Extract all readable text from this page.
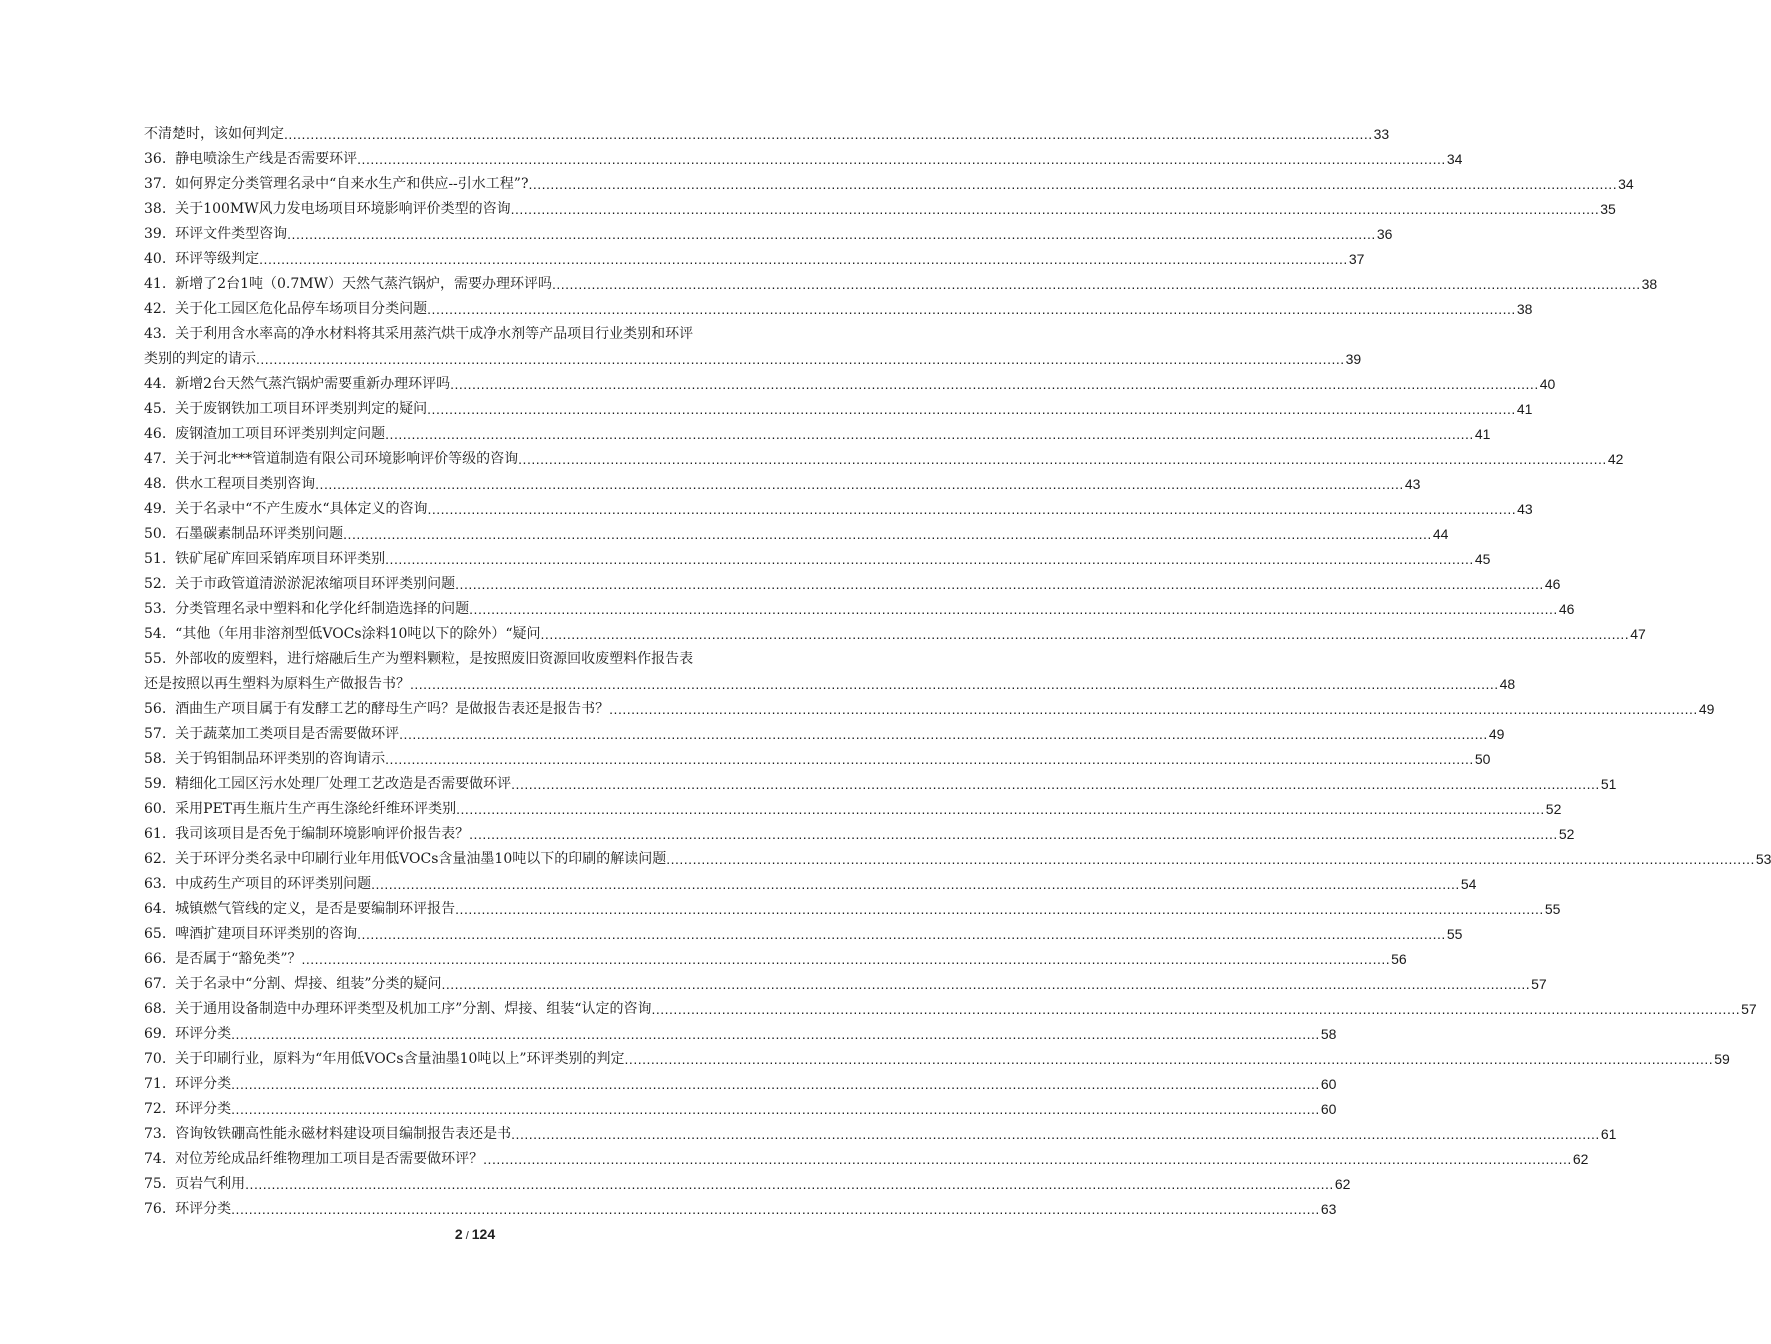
不清楚时，该如何判定 .....	33
36. 静电喷涂生产线是否需要环评 .....	34
37. 如何界定分类管理名录中“自来水生产和供应--引水工程”? .....	34
38. 关于100MW风力发电场项目环境影响评价类型的咨询 .....	35
39. 环评文件类型咨询 .....	36
40. 环评等级判定 .....	37
41. 新增了2台1吨（0.7MW）天然气蒸汽锅炉，需要办理环评吗 .....	38
42. 关于化工园区危化品停车场项目分类问题 .....	38
43.  关于利用含水率高的净水材料将其采用蒸汽烘干成净水剂等产品项目行业类别和环评
类别的判定的请示 .....	39
44. 新增2台天然气蒸汽锅炉需要重新办理环评吗 .....	40
45. 关于废钢铁加工项目环评类别判定的疑问 .....	41
46. 废钢渣加工项目环评类别判定问题 .....	41
47. 关于河北***管道制造有限公司环境影响评价等级的咨询 .....	42
48. 供水工程项目类别咨询 .....	43
49. 关于名录中“不产生废水“具体定义的咨询 .....	43
50. 石墨碳素制品环评类别问题 .....	44
51. 铁矿尾矿库回采销库项目环评类别 .....	45
52. 关于市政管道清淤淤泥浓缩项目环评类别问题 .....	46
53. 分类管理名录中塑料和化学化纤制造选择的问题 .....	46
54. “其他（年用非溶剂型低VOCs涂料10吨以下的除外）“疑问 .....	47
55.  外部收的废塑料，进行熔融后生产为塑料颗粒，是按照废旧资源回收废塑料作报告表
还是按照以再生塑料为原料生产做报告书？ .....	48
56. 酒曲生产项目属于有发酵工艺的酵母生产吗？是做报告表还是报告书？ .....	49
57. 关于蔬菜加工类项目是否需要做环评 .....	49
58. 关于钨钼制品环评类别的咨询请示 .....	50
59. 精细化工园区污水处理厂处理工艺改造是否需要做环评 .....	51
60. 采用PET再生瓶片生产再生涤纶纤维环评类别 .....	52
61. 我司该项目是否免于编制环境影响评价报告表？ .....	52
62. 关于环评分类名录中印刷行业年用低VOCs含量油墨10吨以下的印刷的解读问题 .....	53
63. 中成药生产项目的环评类别问题 .....	54
64. 城镇燃气管线的定义，是否是要编制环评报告 .....	55
65. 啤酒扩建项目环评类别的咨询 .....	55
66. 是否属于“豁免类”？ .....	56
67. 关于名录中“分割、焊接、组装”分类的疑问 .....	57
68. 关于通用设备制造中办理环评类型及机加工序”分割、焊接、组装“认定的咨询 .....	57
69. 环评分类 .....	58
70. 关于印刷行业，原料为“年用低VOCs含量油墨10吨以上”环评类别的判定 .....	59
71. 环评分类 .....	60
72. 环评分类 .....	60
73. 咨询钕铁硼高性能永磁材料建设项目编制报告表还是书 .....	61
74. 对位芳纶成品纤维物理加工项目是否需要做环评？ .....	62
75. 页岩气利用 .....	62
76. 环评分类 .....	63
2 / 124
